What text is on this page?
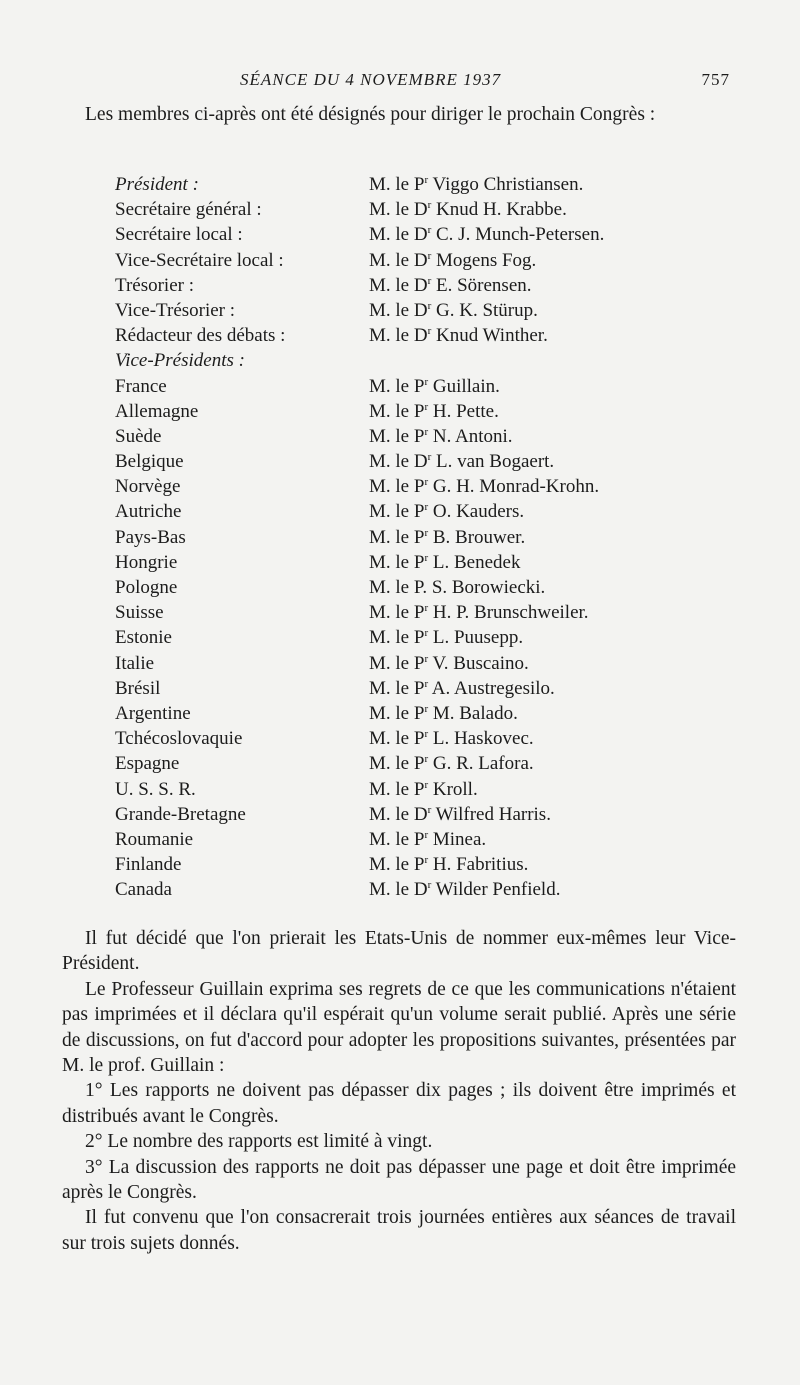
SÉANCE DU 4 NOVEMBRE 1937	757

Les membres ci-après ont été désignés pour diriger le prochain Congrès :

Président :	M. le $P^r$ Viggo Christiansen.
Secrétaire général :	M. le $D^r$ Knud H. Krabbe.
Secrétaire local :	M. le $D^r$ C. J. Munch-Petersen.
Vice-Secrétaire local :	M. le $D^r$ Mogens Fog.
Trésorier :	M. le $D^r$ E. Sörensen.
Vice-Trésorier :	M. le $D^r$ G. K. Stürup.
Rédacteur des débats :	M. le $D^r$ Knud Winther.
Vice-Présidents :
France	M. le $P^r$ Guillain.
Allemagne	M. le $P^r$ H. Pette.
Suède	M. le $P^r$ N. Antoni.
Belgique	M. le $D^r$ L. van Bogaert.
Norvège	M. le $P^r$ G. H. Monrad-Krohn.
Autriche	M. le $P^r$ O. Kauders.
Pays-Bas	M. le $P^r$ B. Brouwer.
Hongrie	M. le $P^r$ L. Benedek
Pologne	M. le P. S. Borowiecki.
Suisse	M. le $P^r$ H. P. Brunschweiler.
Estonie	M. le $P^r$ L. Puusepp.
Italie	M. le $P^r$ V. Buscaino.
Brésil	M. le $P^r$ A. Austregesilo.
Argentine	M. le $P^r$ M. Balado.
Tchécoslovaquie	M. le $P^r$ L. Haskovec.
Espagne	M. le $P^r$ G. R. Lafora.
U. S. S. R.	M. le $P^r$ Kroll.
Grande-Bretagne	M. le $D^r$ Wilfred Harris.
Roumanie	M. le $P^r$ Minea.
Finlande	M. le $P^r$ H. Fabritius.
Canada	M. le $D^r$ Wilder Penfield.

Il fut décidé que l'on prierait les Etats-Unis de nommer eux-mêmes leur Vice-Président.

Le Professeur Guillain exprima ses regrets de ce que les communications n'étaient pas imprimées et il déclara qu'il espérait qu'un volume serait publié. Après une série de discussions, on fut d'accord pour adopter les propositions suivantes, présentées par M. le prof. Guillain :

1° Les rapports ne doivent pas dépasser dix pages ; ils doivent être imprimés et distribués avant le Congrès.

2° Le nombre des rapports est limité à vingt.

3° La discussion des rapports ne doit pas dépasser une page et doit être imprimée après le Congrès.

Il fut convenu que l'on consacrerait trois journées entières aux séances de travail sur trois sujets donnés.
